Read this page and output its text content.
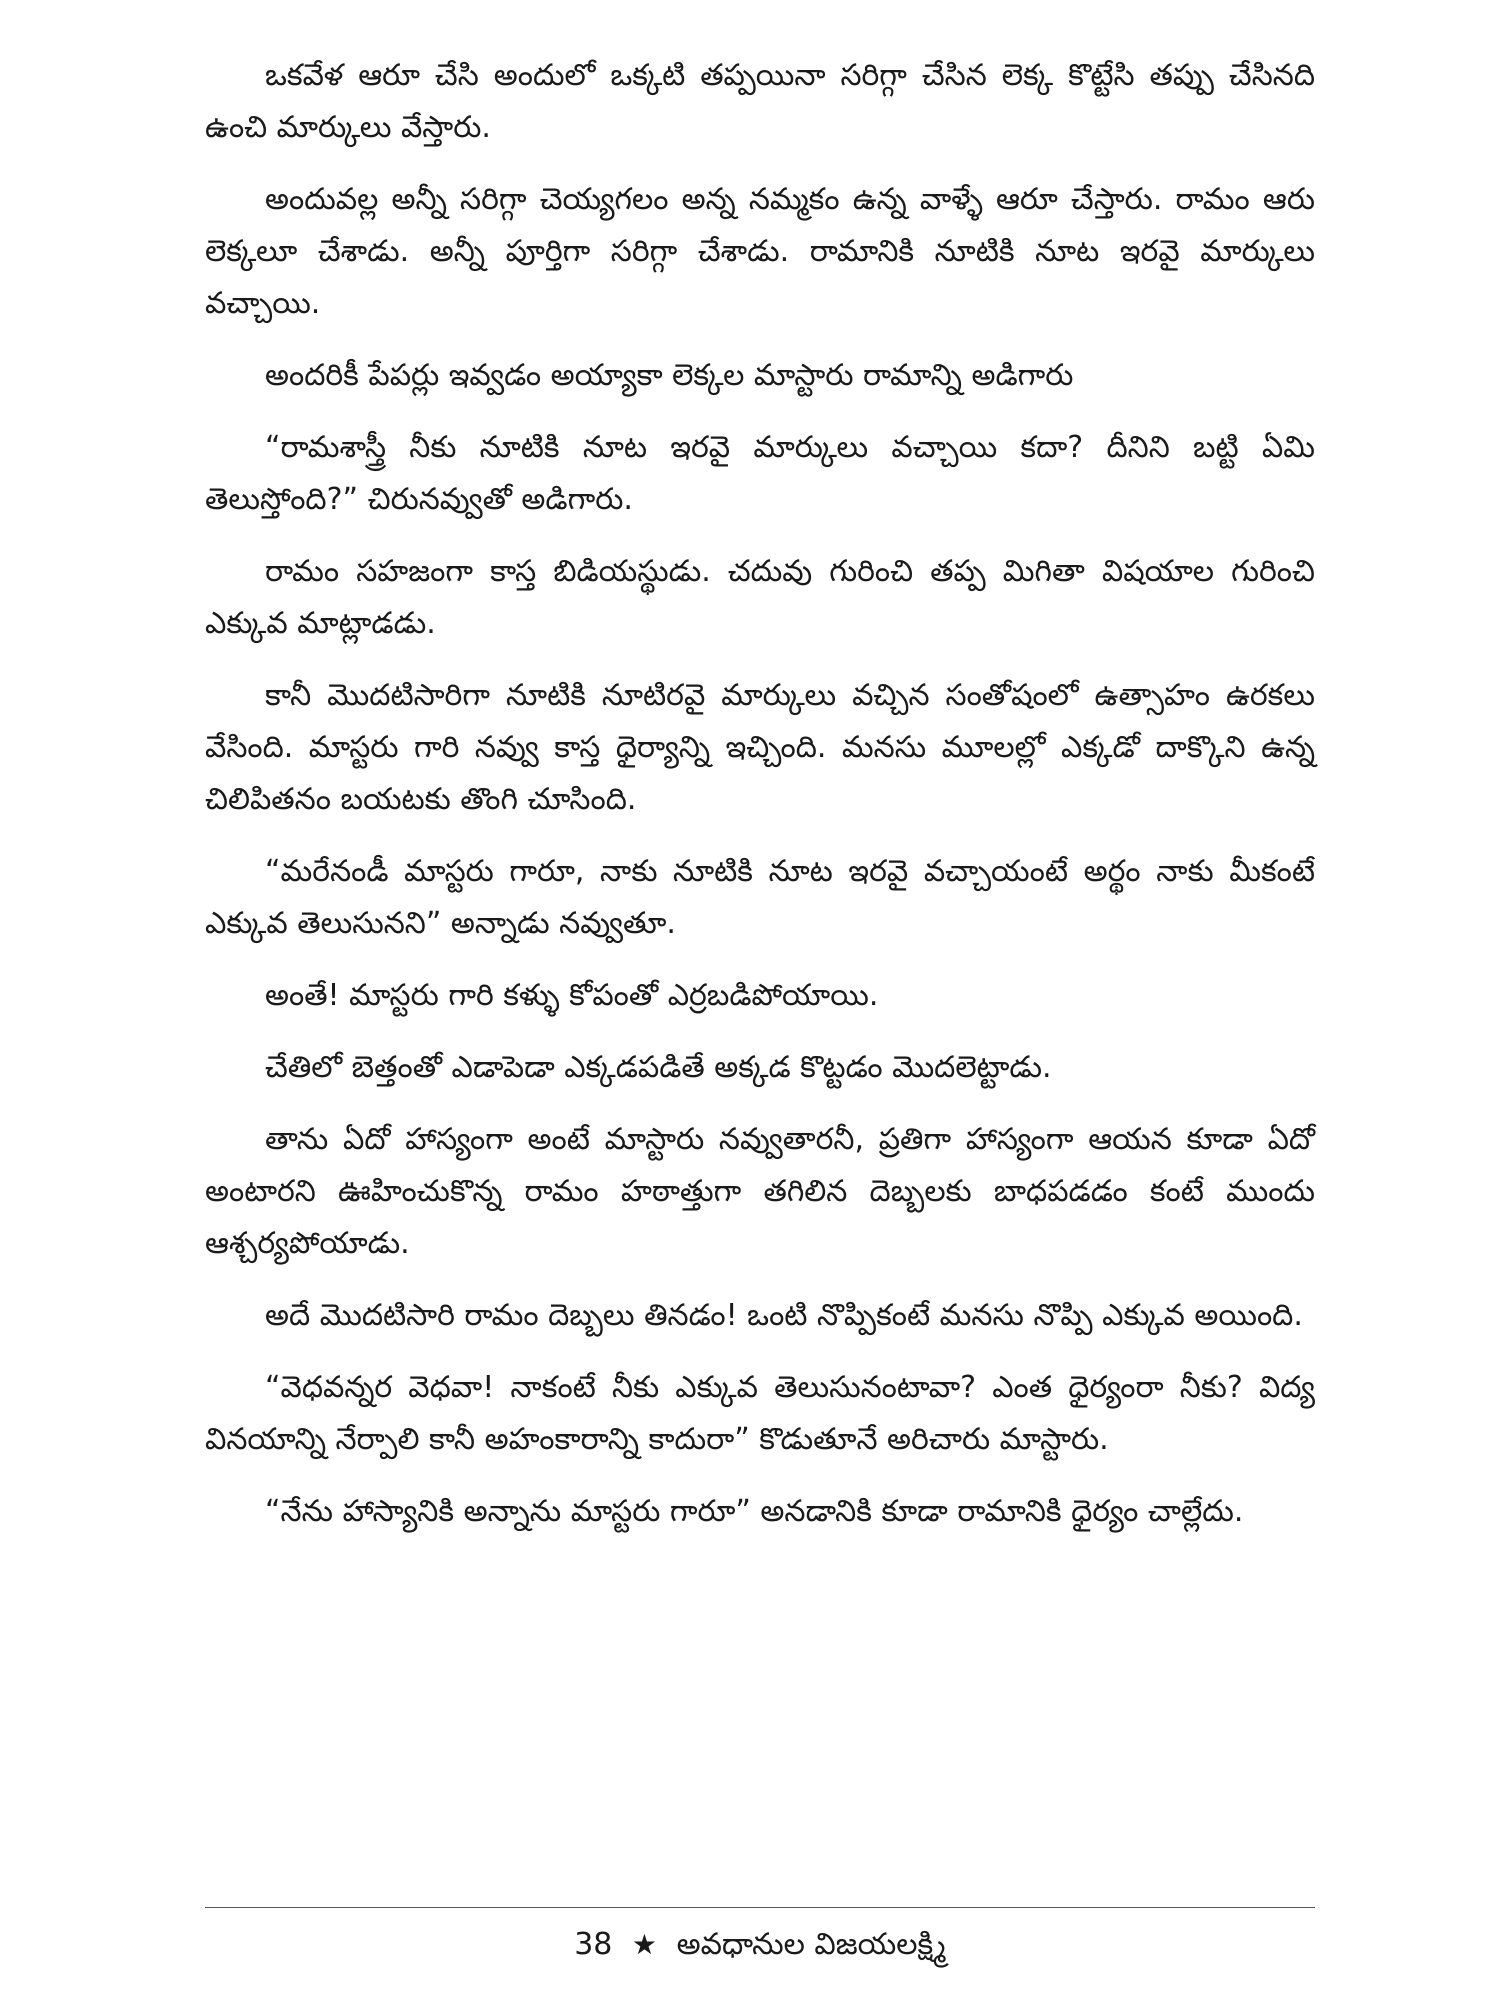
ఒకవేళ ఆరూ చేసి అందులో ఒక్కటి తప్పయినా సరిగ్గా చేసిన లెక్క కొట్టేసి తప్పు చేసినది ఉంచి మార్కులు వేస్తారు.

అందువల్ల అన్నీ సరిగ్గా చెయ్యగలం అన్న నమ్మకం ఉన్న వాళ్ళే ఆరూ చేస్తారు. రామం ఆరు లెక్కలూ చేశాడు. అన్నీ పూర్తిగా సరిగ్గా చేశాడు. రామానికి నూటికి నూట ఇరవై మార్కులు వచ్చాయి.

అందరికీ పేపర్లు ఇవ్వడం అయ్యాకా లెక్కల మాస్టారు రామాన్ని అడిగారు

“రామశాస్త్రీ నీకు నూటికి నూట ఇరవై మార్కులు వచ్చాయి కదా? దీనిని బట్టి ఏమి తెలుస్తోంది?” చిరునవ్వుతో అడిగారు.

రామం సహజంగా కాస్త బిడియస్థుడు. చదువు గురించి తప్ప మిగితా విషయాల గురించి ఎక్కువ మాట్లాడడు.

కానీ మొదటిసారిగా నూటికి నూటిరవై మార్కులు వచ్చిన సంతోషంలో ఉత్సాహం ఉరకలు వేసింది. మాస్టరు గారి నవ్వు కాస్త ధైర్యాన్ని ఇచ్చింది. మనసు మూలల్లో ఎక్కడో దాక్కొని ఉన్న చిలిపితనం బయటకు తొంగి చూసింది.

“మరేనండీ మాస్టరు గారూ, నాకు నూటికి నూట ఇరవై వచ్చాయంటే అర్థం నాకు మీకంటే ఎక్కువ తెలుసునని” అన్నాడు నవ్వుతూ.

అంతే! మాస్టరు గారి కళ్ళు కోపంతో ఎర్రబడిపోయాయి.

చేతిలో బెత్తంతో ఎడాపెడా ఎక్కడపడితే అక్కడ కొట్టడం మొదలెట్టాడు.

తాను ఏదో హాస్యంగా అంటే మాస్టారు నవ్వుతారనీ, ప్రతిగా హాస్యంగా ఆయన కూడా ఏదో అంటారని ఊహించుకొన్న రామం హఠాత్తుగా తగిలిన దెబ్బలకు బాధపడడం కంటే ముందు ఆశ్చర్యపోయాడు.

అదే మొదటిసారి రామం దెబ్బలు తినడం! ఒంటి నొప్పికంటే మనసు నొప్పి ఎక్కువ అయింది.

“వెధవన్నర వెధవా! నాకంటే నీకు ఎక్కువ తెలుసునంటావా? ఎంత ధైర్యంరా నీకు? విద్య వినయాన్ని నేర్పాలి కానీ అహంకారాన్ని కాదురా” కొడుతూనే అరిచారు మాస్టారు.

“నేను హాస్యానికి అన్నాను మాస్టరు గారూ” అనడానికి కూడా రామానికి ధైర్యం చాల్లేదు.

38 ★ అవధానుల విజయలక్ష్మి
